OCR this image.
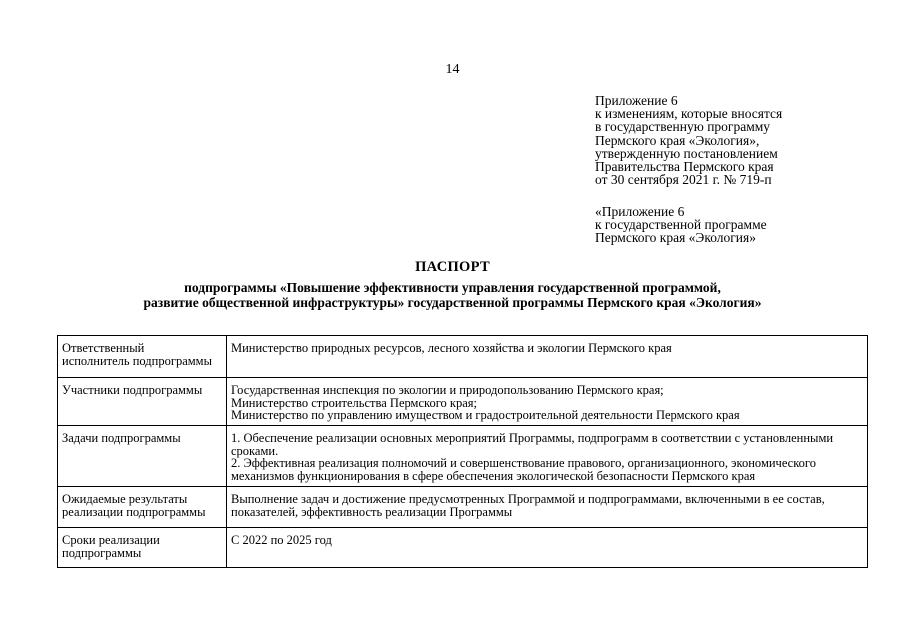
14
Приложение 6
к изменениям, которые вносятся
в государственную программу
Пермского края «Экология»,
утвержденную постановлением
Правительства Пермского края
от 30 сентября 2021 г. № 719-п
«Приложение 6
к государственной программе
Пермского края «Экология»
ПАСПОРТ
подпрограммы «Повышение эффективности управления государственной программой,
развитие общественной инфраструктуры» государственной программы Пермского края «Экология»
Ответственный
исполнитель подпрограммы	Министерство природных ресурсов, лесного хозяйства и экологии Пермского края

Участники подпрограммы	Государственная инспекция по экологии и природопользованию Пермского края;
Министерство строительства Пермского края;
Министерство по управлению имуществом и градостроительной деятельности Пермского края

Задачи подпрограммы	1. Обеспечение реализации основных мероприятий Программы, подпрограмм в соответствии с установленными
сроками.
2. Эффективная реализация полномочий и совершенствование правового, организационного, экономического
механизмов функционирования в сфере обеспечения экологической безопасности Пермского края

Ожидаемые результаты
реализации подпрограммы	Выполнение задач и достижение предусмотренных Программой и подпрограммами, включенными в ее состав,
показателей, эффективность реализации Программы

Сроки реализации
подпрограммы	С 2022 по 2025 год
